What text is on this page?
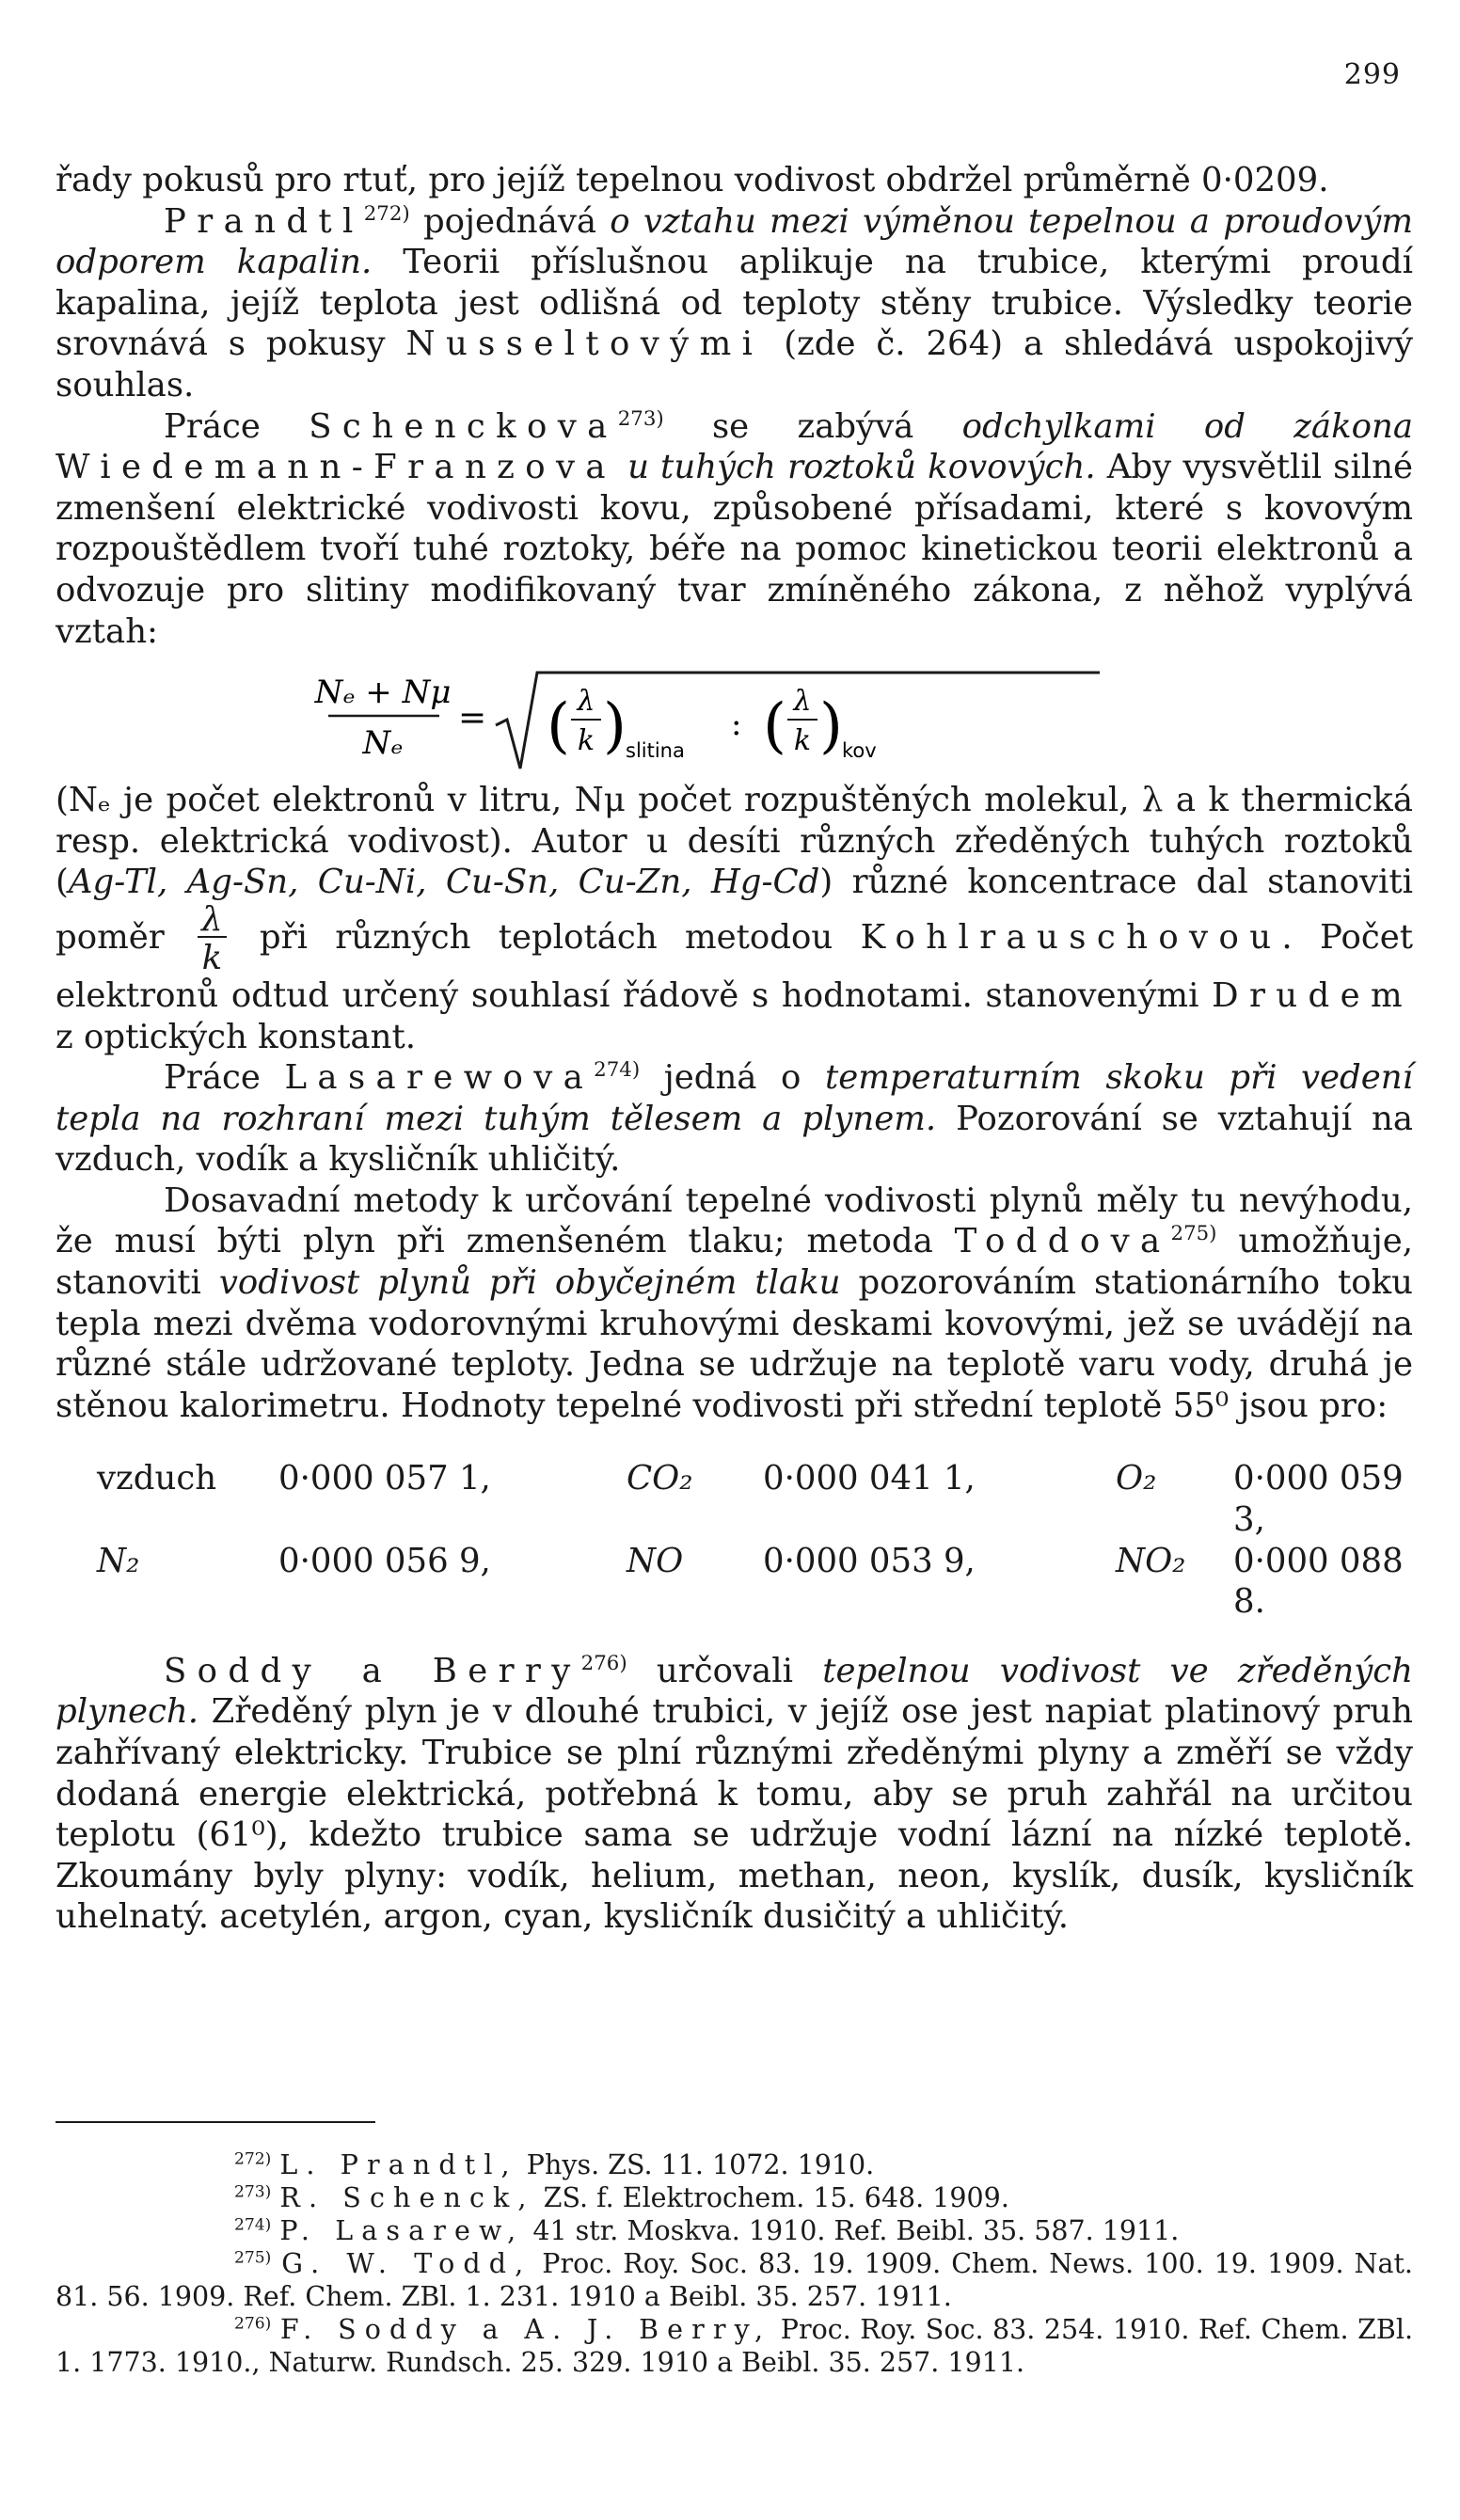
299

řady pokusů pro rtuť, pro jejíž tepelnou vodivost obdržel průměrně 0·0209.

Prandtl$^{272)}$ pojednává o vztahu mezi výměnou tepelnou a proudovým odporem kapalin. Teorii příslušnou aplikuje na trubice, kterými proudí kapalina, jejíž teplota jest odlišná od teploty stěny trubice. Výsledky teorie srovnává s pokusy Nusseltovými (zde č. 264) a shledává uspokojivý souhlas.

Práce Schenckova$^{273)}$ se zabývá odchylkami od zákona Wiedemann-Franzova u tuhých roztoků kovových. Aby vysvětlil silné zmenšení elektrické vodivosti kovu, způsobené přísadami, které s kovovým rozpouštědlem tvoří tuhé roztoky, béře na pomoc kinetickou teorii elektronů a odvozuje pro slitiny modifikovaný tvar zmíněného zákona, z něhož vyplývá vztah:

Nₑ + Nμ
Nₑ
= ( λ
k ) slitina
: ( λ
k ) kov

(Nₑ je počet elektronů v litru, Nμ počet rozpuštěných molekul, λ a k thermická resp. elektrická vodivost). Autor u desíti různých zředěných tuhých roztoků (Ag-Tl, Ag-Sn, Cu-Ni, Cu-Sn, Cu-Zn, Hg-Cd) různé koncentrace dal stanoviti poměr $\frac{\lambda}{k}$ při různých teplotách metodou Kohlrauschovou. Počet elektronů odtud určený souhlasí řádově s hodnotami. stanovenými Drudem z optických konstant.

Práce Lasarewova$^{274)}$ jedná o temperaturním skoku při vedení tepla na rozhraní mezi tuhým tělesem a plynem. Pozorování se vztahují na vzduch, vodík a kysličník uhličitý.

Dosavadní metody k určování tepelné vodivosti plynů měly tu nevýhodu, že musí býti plyn při zmenšeném tlaku; metoda Toddova$^{275)}$ umožňuje, stanoviti vodivost plynů při obyčejném tlaku pozorováním stationárního toku tepla mezi dvěma vodorovnými kruhovými deskami kovovými, jež se uvádějí na různé stále udržované teploty. Jedna se udržuje na teplotě varu vody, druhá je stěnou kalorimetru. Hodnoty tepelné vodivosti při střední teplotě 55⁰ jsou pro:

vzduch	0·000 057 1,	CO₂	0·000 041 1,	O₂	0·000 059 3,
N₂	0·000 056 9,	NO	0·000 053 9,	NO₂	0·000 088 8.

Soddy a Berry$^{276)}$ určovali tepelnou vodivost ve zředěných plynech. Zředěný plyn je v dlouhé trubici, v jejíž ose jest napiat platinový pruh zahřívaný elektricky. Trubice se plní různými zředěnými plyny a změří se vždy dodaná energie elektrická, potřebná k tomu, aby se pruh zahřál na určitou teplotu (61⁰), kdežto trubice sama se udržuje vodní lázní na nízké teplotě. Zkoumány byly plyny: vodík, helium, methan, neon, kyslík, dusík, kysličník uhelnatý. acetylén, argon, cyan, kysličník dusičitý a uhličitý.

$^{272)}$ L. Prandtl, Phys. ZS. 11. 1072. 1910.

$^{273)}$ R. Schenck, ZS. f. Elektrochem. 15. 648. 1909.

$^{274)}$ P. Lasarew, 41 str. Moskva. 1910. Ref. Beibl. 35. 587. 1911.

$^{275)}$ G. W. Todd, Proc. Roy. Soc. 83. 19. 1909. Chem. News. 100. 19. 1909. Nat. 81. 56. 1909. Ref. Chem. ZBl. 1. 231. 1910 a Beibl. 35. 257. 1911.

$^{276)}$ F. Soddy a A. J. Berry, Proc. Roy. Soc. 83. 254. 1910. Ref. Chem. ZBl. 1. 1773. 1910., Naturw. Rundsch. 25. 329. 1910 a Beibl. 35. 257. 1911.
